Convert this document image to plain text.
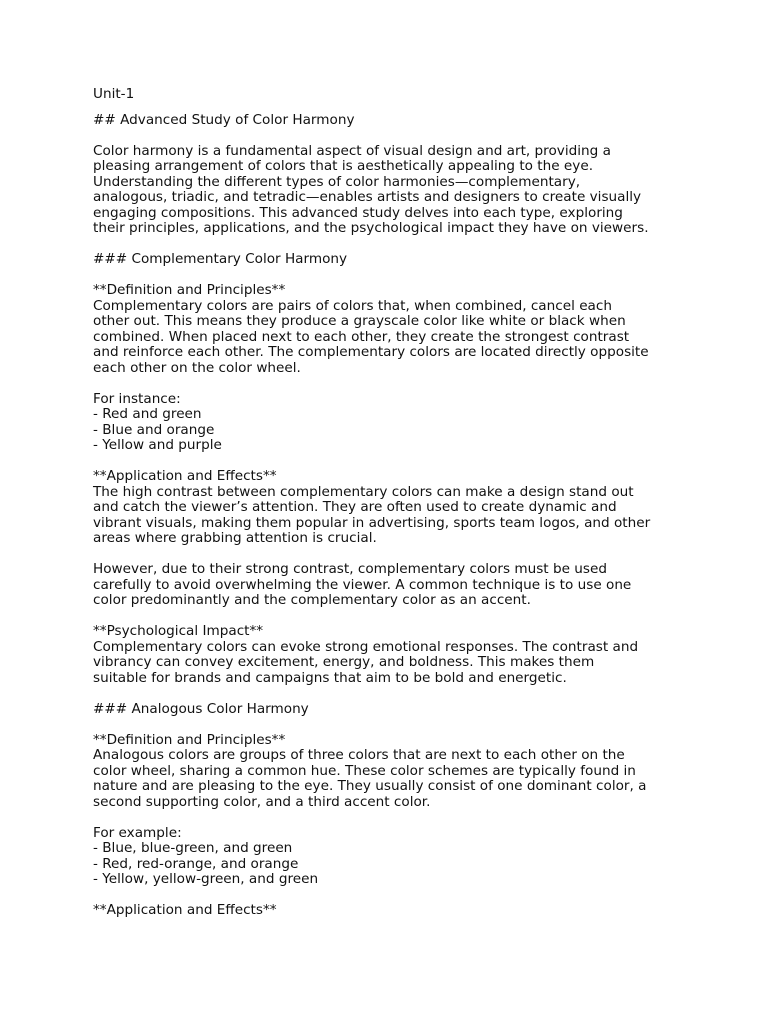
Unit-1
## Advanced Study of Color Harmony
Color harmony is a fundamental aspect of visual design and art, providing a
pleasing arrangement of colors that is aesthetically appealing to the eye.
Understanding the different types of color harmonies—complementary,
analogous, triadic, and tetradic—enables artists and designers to create visually
engaging compositions. This advanced study delves into each type, exploring
their principles, applications, and the psychological impact they have on viewers.
### Complementary Color Harmony
**Definition and Principles**
Complementary colors are pairs of colors that, when combined, cancel each
other out. This means they produce a grayscale color like white or black when
combined. When placed next to each other, they create the strongest contrast
and reinforce each other. The complementary colors are located directly opposite
each other on the color wheel.
For instance:
- Red and green
- Blue and orange
- Yellow and purple
**Application and Effects**
The high contrast between complementary colors can make a design stand out
and catch the viewer’s attention. They are often used to create dynamic and
vibrant visuals, making them popular in advertising, sports team logos, and other
areas where grabbing attention is crucial.
However, due to their strong contrast, complementary colors must be used
carefully to avoid overwhelming the viewer. A common technique is to use one
color predominantly and the complementary color as an accent.
**Psychological Impact**
Complementary colors can evoke strong emotional responses. The contrast and
vibrancy can convey excitement, energy, and boldness. This makes them
suitable for brands and campaigns that aim to be bold and energetic.
### Analogous Color Harmony
**Definition and Principles**
Analogous colors are groups of three colors that are next to each other on the
color wheel, sharing a common hue. These color schemes are typically found in
nature and are pleasing to the eye. They usually consist of one dominant color, a
second supporting color, and a third accent color.
For example:
- Blue, blue-green, and green
- Red, red-orange, and orange
- Yellow, yellow-green, and green
**Application and Effects**
